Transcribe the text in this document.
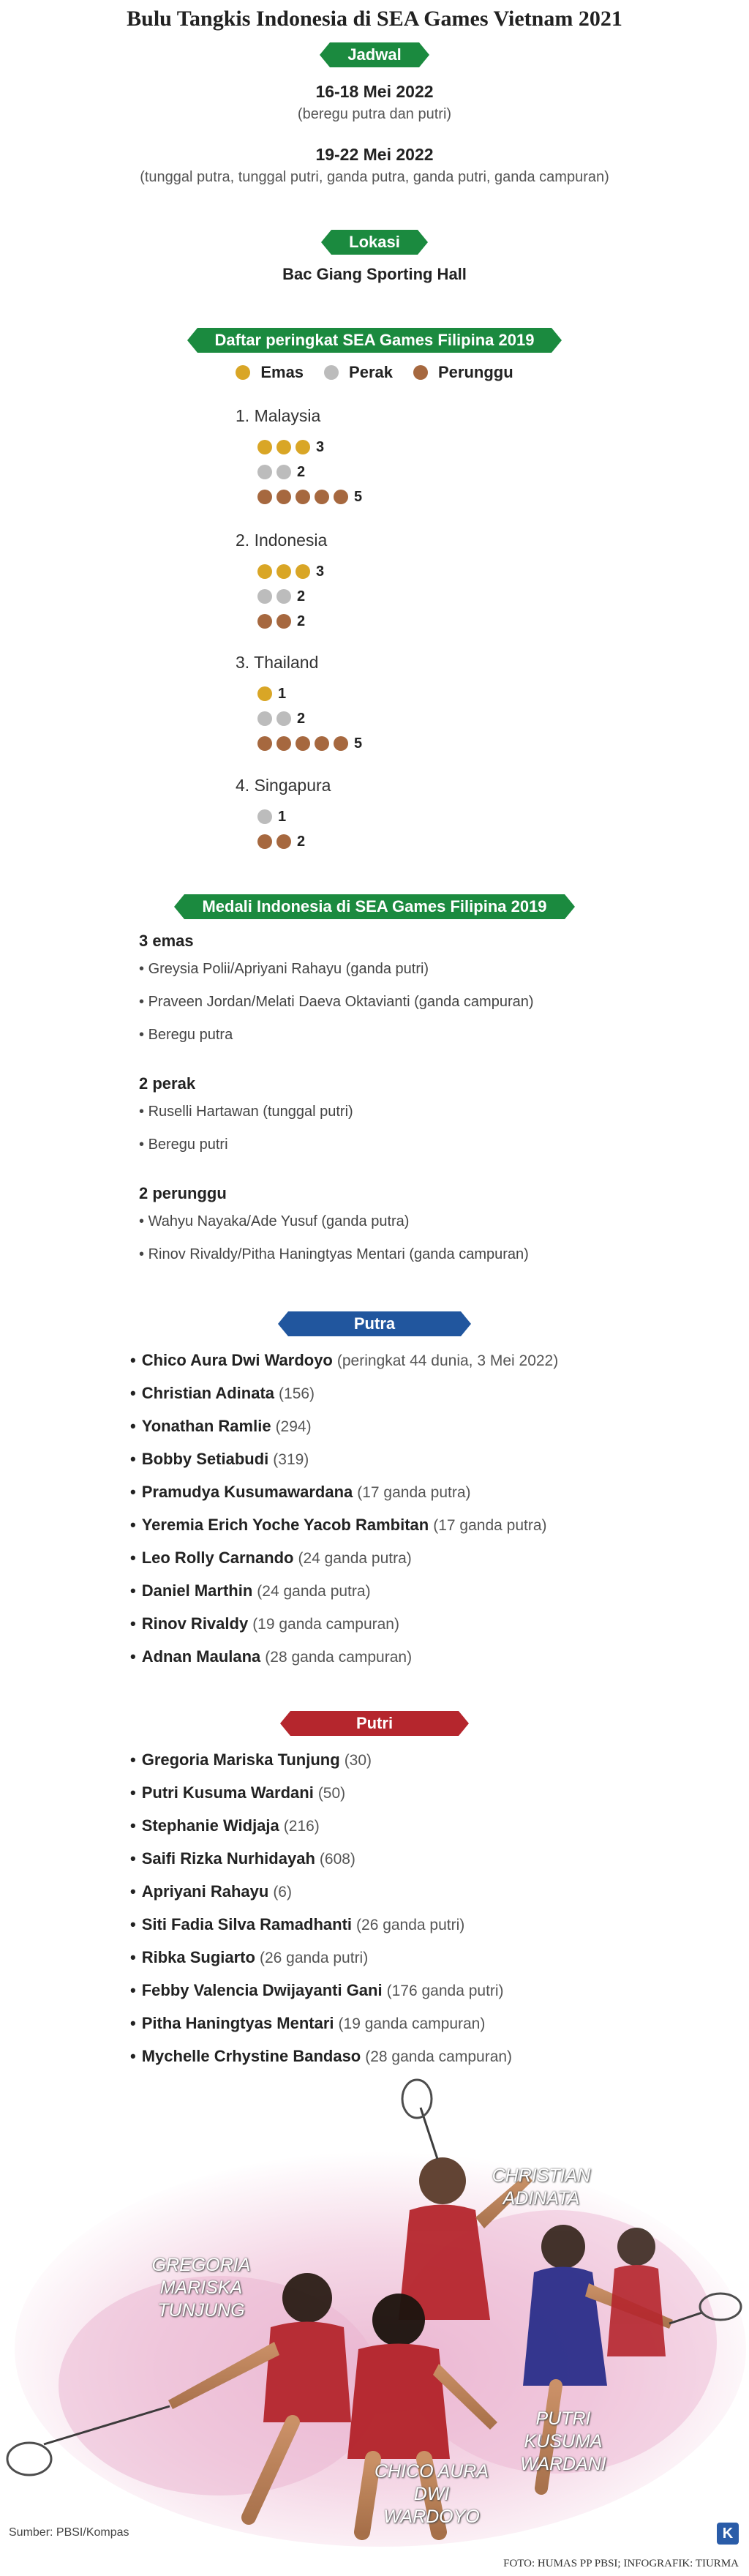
Bulu Tangkis Indonesia di SEA Games Vietnam 2021
Jadwal
16-18 Mei 2022
(beregu putra dan putri)
19-22 Mei 2022
(tunggal putra, tunggal putri, ganda putra, ganda putri, ganda campuran)
Lokasi
Bac Giang Sporting Hall
Daftar peringkat SEA Games Filipina 2019
Emas	Perak	Perunggu
1. Malaysia
3
2
5
2. Indonesia
3
2
2
3. Thailand
1
2
5
4. Singapura
1
2
Medali Indonesia di SEA Games Filipina 2019
3 emas
• Greysia Polii/Apriyani Rahayu (ganda putri)
• Praveen Jordan/Melati Daeva Oktavianti (ganda campuran)
• Beregu putra
2 perak
• Ruselli Hartawan (tunggal putri)
• Beregu putri
2 perunggu
• Wahyu Nayaka/Ade Yusuf (ganda putra)
• Rinov Rivaldy/Pitha Haningtyas Mentari (ganda campuran)
Putra
• Chico Aura Dwi Wardoyo (peringkat 44 dunia, 3 Mei 2022)
• Christian Adinata (156)
• Yonathan Ramlie (294)
• Bobby Setiabudi (319)
• Pramudya Kusumawardana (17 ganda putra)
• Yeremia Erich Yoche Yacob Rambitan (17 ganda putra)
• Leo Rolly Carnando (24 ganda putra)
• Daniel Marthin (24 ganda putra)
• Rinov Rivaldy (19 ganda campuran)
• Adnan Maulana (28 ganda campuran)
Putri
• Gregoria Mariska Tunjung (30)
• Putri Kusuma Wardani (50)
• Stephanie Widjaja (216)
• Saifi Rizka Nurhidayah (608)
• Apriyani Rahayu (6)
• Siti Fadia Silva Ramadhanti (26 ganda putri)
• Ribka Sugiarto (26 ganda putri)
• Febby Valencia Dwijayanti Gani (176 ganda putri)
• Pitha Haningtyas Mentari (19 ganda campuran)
• Mychelle Crhystine Bandaso (28 ganda campuran)
CHRISTIAN ADINATA
GREGORIA MARISKA TUNJUNG
PUTRI KUSUMA WARDANI
CHICO AURA DWI WARDOYO
Sumber: PBSI/Kompas	K
FOTO: HUMAS PP PBSI; INFOGRAFIK: TIURMA
